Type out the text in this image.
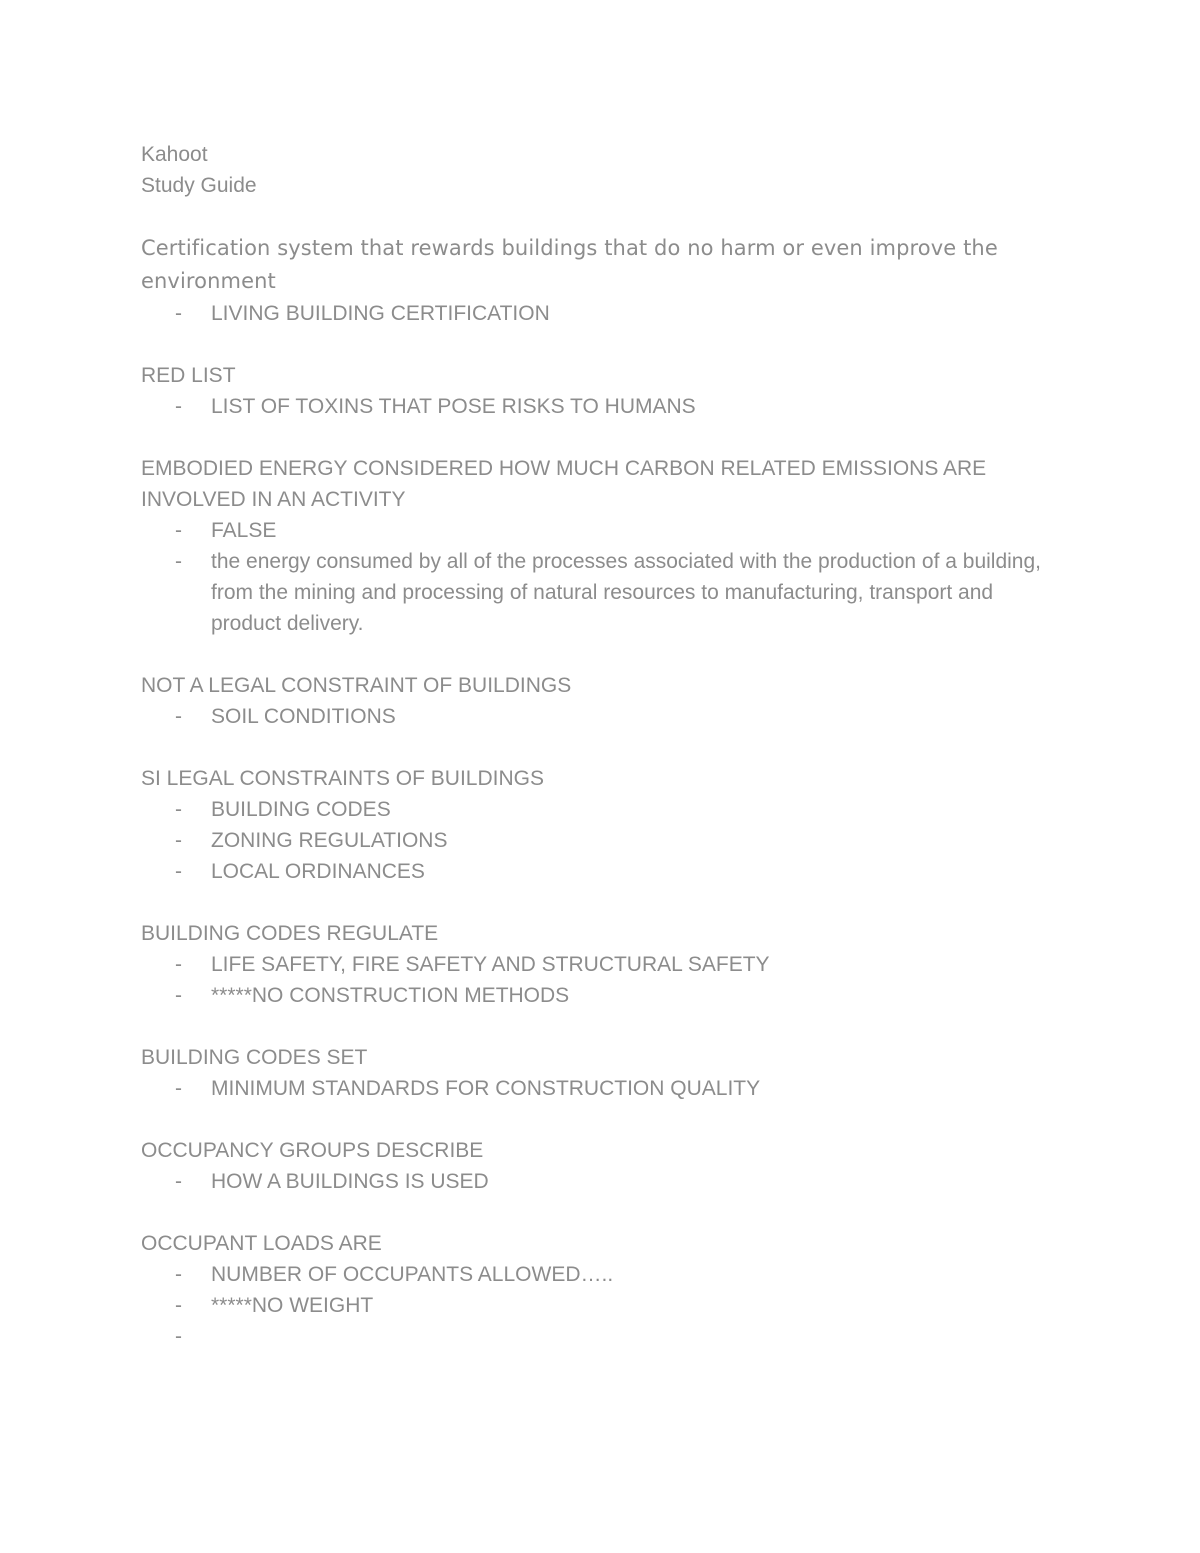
Kahoot
Study Guide
Certification system that rewards buildings that do no harm or even improve the environment
- LIVING BUILDING CERTIFICATION
RED LIST
- LIST OF TOXINS THAT POSE RISKS TO HUMANS
EMBODIED ENERGY CONSIDERED HOW MUCH CARBON RELATED EMISSIONS ARE INVOLVED IN AN ACTIVITY
- FALSE
- the energy consumed by all of the processes associated with the production of a building, from the mining and processing of natural resources to manufacturing, transport and product delivery.
NOT A LEGAL CONSTRAINT OF BUILDINGS
- SOIL CONDITIONS
SI LEGAL CONSTRAINTS OF BUILDINGS
- BUILDING CODES
- ZONING REGULATIONS
- LOCAL ORDINANCES
BUILDING CODES REGULATE
- LIFE SAFETY, FIRE SAFETY AND STRUCTURAL SAFETY
- *****NO CONSTRUCTION METHODS
BUILDING CODES SET
- MINIMUM STANDARDS FOR CONSTRUCTION QUALITY
OCCUPANCY GROUPS DESCRIBE
- HOW A BUILDINGS IS USED
OCCUPANT LOADS ARE
- NUMBER OF OCCUPANTS ALLOWED…..
- *****NO WEIGHT
-
